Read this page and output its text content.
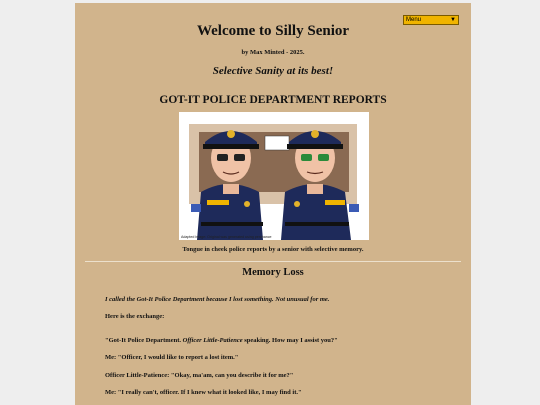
Menu	▼
Welcome to Silly Senior
by Max Minted - 2025.
Selective Sanity at its best!
GOT-IT POLICE DEPARTMENT REPORTS
Adapted image: Original was generated using perchance
Tongue in cheek police reports by a senior with selective memory.
Memory Loss
I called the Got-It Police Department because I lost something. Not unusual for me.
Here is the exchange:
"Got-It Police Department. Officer Little-Patience speaking. How may I assist you?"
Me: "Officer, I would like to report a lost item."
Officer Little-Patience: "Okay, ma'am, can you describe it for me?"
Me: "I really can't, officer. If I knew what it looked like, I may find it."
